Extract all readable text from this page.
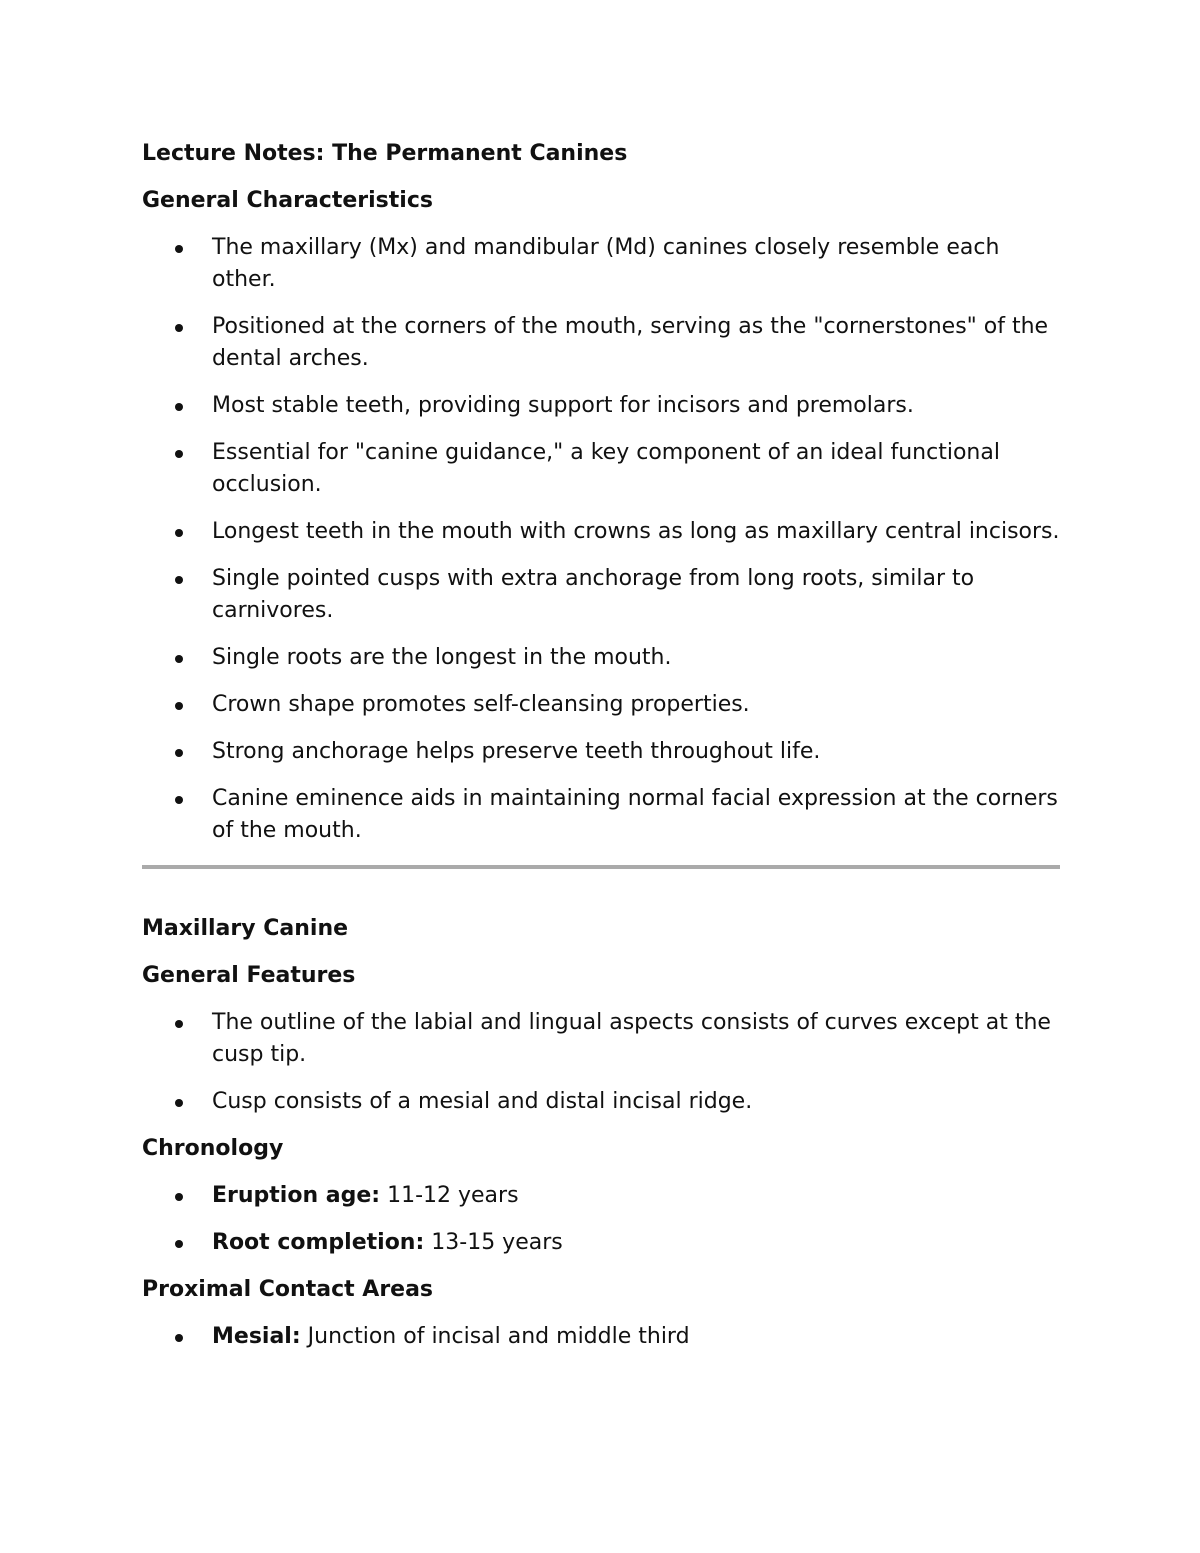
Lecture Notes: The Permanent Canines
General Characteristics
The maxillary (Mx) and mandibular (Md) canines closely resemble each other.
Positioned at the corners of the mouth, serving as the "cornerstones" of the dental arches.
Most stable teeth, providing support for incisors and premolars.
Essential for "canine guidance," a key component of an ideal functional occlusion.
Longest teeth in the mouth with crowns as long as maxillary central incisors.
Single pointed cusps with extra anchorage from long roots, similar to carnivores.
Single roots are the longest in the mouth.
Crown shape promotes self-cleansing properties.
Strong anchorage helps preserve teeth throughout life.
Canine eminence aids in maintaining normal facial expression at the corners of the mouth.
Maxillary Canine
General Features
The outline of the labial and lingual aspects consists of curves except at the cusp tip.
Cusp consists of a mesial and distal incisal ridge.
Chronology
Eruption age: 11-12 years
Root completion: 13-15 years
Proximal Contact Areas
Mesial: Junction of incisal and middle third
